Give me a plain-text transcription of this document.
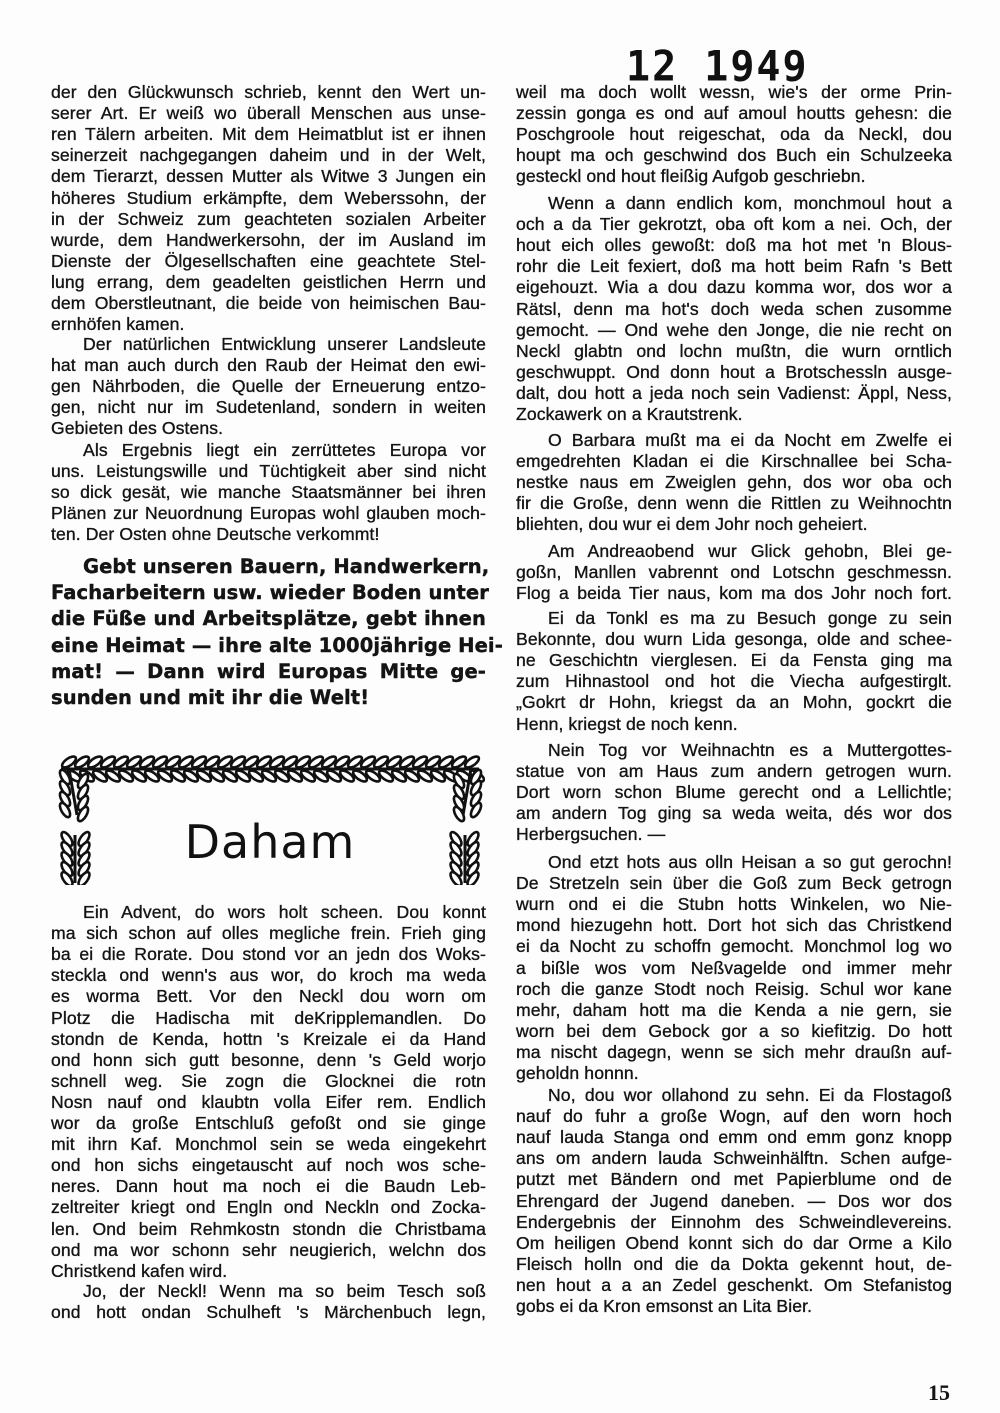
12 1949
der den Glückwunsch schrieb, kennt den Wert un-
serer Art. Er weiß wo überall Menschen aus unse-
ren Tälern arbeiten. Mit dem Heimatblut ist er ihnen
seinerzeit nachgegangen daheim und in der Welt,
dem Tierarzt, dessen Mutter als Witwe 3 Jungen ein
höheres Studium erkämpfte, dem Weberssohn, der
in der Schweiz zum geachteten sozialen Arbeiter
wurde, dem Handwerkersohn, der im Ausland im
Dienste der Ölgesellschaften eine geachtete Stel-
lung errang, dem geadelten geistlichen Herrn und
dem Oberstleutnant, die beide von heimischen Bau-
ernhöfen kamen.
Der natürlichen Entwicklung unserer Landsleute
hat man auch durch den Raub der Heimat den ewi-
gen Nährboden, die Quelle der Erneuerung entzo-
gen, nicht nur im Sudetenland, sondern in weiten
Gebieten des Ostens.
Als Ergebnis liegt ein zerrüttetes Europa vor
uns. Leistungswille und Tüchtigkeit aber sind nicht
so dick gesät, wie manche Staatsmänner bei ihren
Plänen zur Neuordnung Europas wohl glauben moch-
ten. Der Osten ohne Deutsche verkommt!
Gebt unseren Bauern, Handwerkern,
Facharbeitern usw. wieder Boden unter
die Füße und Arbeitsplätze, gebt ihnen
eine Heimat — ihre alte 1000jährige Hei-
mat! — Dann wird Europas Mitte ge-
sunden und mit ihr die Welt!
Ein Advent, do wors holt scheen. Dou konnt
ma sich schon auf olles megliche frein. Frieh ging
ba ei die Rorate. Dou stond vor an jedn dos Woks-
steckla ond wenn's aus wor, do kroch ma weda
es worma Bett. Vor den Neckl dou worn om
Plotz die Hadischa mit deKripplemandlen. Do
stondn de Kenda, hottn 's Kreizale ei da Hand
ond honn sich gutt besonne, denn 's Geld worjo
schnell weg. Sie zogn die Glocknei die rotn
Nosn nauf ond klaubtn volla Eifer rem. Endlich
wor da große Entschluß gefoßt ond sie ginge
mit ihrn Kaf. Monchmol sein se weda eingekehrt
ond hon sichs eingetauscht auf noch wos sche-
neres. Dann hout ma noch ei die Baudn Leb-
zeltreiter kriegt ond Engln ond Neckln ond Zocka-
len. Ond beim Rehmkostn stondn die Christbama
ond ma wor schonn sehr neugierich, welchn dos
Christkend kafen wird.
Jo, der Neckl! Wenn ma so beim Tesch soß
ond hott ondan Schulheft 's Märchenbuch legn,
weil ma doch wollt wessn, wie's der orme Prin-
zessin gonga es ond auf amoul houtts gehesn: die
Poschgroole hout reigeschat, oda da Neckl, dou
houpt ma och geschwind dos Buch ein Schulzeeka
gesteckl ond hout fleißig Aufgob geschriebn.
Wenn a dann endlich kom, monchmoul hout a
och a da Tier gekrotzt, oba oft kom a nei. Och, der
hout eich olles gewoßt: doß ma hot met 'n Blous-
rohr die Leit fexiert, doß ma hott beim Rafn 's Bett
eigehouzt. Wia a dou dazu komma wor, dos wor a
Rätsl, denn ma hot's doch weda schen zusomme
gemocht. — Ond wehe den Jonge, die nie recht on
Neckl glabtn ond lochn mußtn, die wurn orntlich
geschwuppt. Ond donn hout a Brotschessln ausge-
dalt, dou hott a jeda noch sein Vadienst: Äppl, Ness,
Zockawerk on a Krautstrenk.
O Barbara mußt ma ei da Nocht em Zwelfe ei
emgedrehten Kladan ei die Kirschnallee bei Scha-
nestke naus em Zweiglen gehn, dos wor oba och
fir die Große, denn wenn die Rittlen zu Weihnochtn
bliehten, dou wur ei dem Johr noch geheiert.
Am Andreaobend wur Glick gehobn, Blei ge-
goßn, Manllen vabrennt ond Lotschn geschmessn.
Flog a beida Tier naus, kom ma dos Johr noch fort.
Ei da Tonkl es ma zu Besuch gonge zu sein
Bekonnte, dou wurn Lida gesonga, olde and schee-
ne Geschichtn vierglesen. Ei da Fensta ging ma
zum Hihnastool ond hot die Viecha aufgestirglt.
„Gokrt dr Hohn, kriegst da an Mohn, gockrt die
Henn, kriegst de noch kenn.
Nein Tog vor Weihnachtn es a Muttergottes-
statue von am Haus zum andern getrogen wurn.
Dort worn schon Blume gerecht ond a Lellichtle;
am andern Tog ging sa weda weita, dés wor dos
Herbergsuchen. —
Ond etzt hots aus olln Heisan a so gut gerochn!
De Stretzeln sein über die Goß zum Beck getrogn
wurn ond ei die Stubn hotts Winkelen, wo Nie-
mond hiezugehn hott. Dort hot sich das Christkend
ei da Nocht zu schoffn gemocht. Monchmol log wo
a bißle wos vom Neßvagelde ond immer mehr
roch die ganze Stodt noch Reisig. Schul wor kane
mehr, daham hott ma die Kenda a nie gern, sie
worn bei dem Gebock gor a so kiefitzig. Do hott
ma nischt dagegn, wenn se sich mehr draußn auf-
geholdn honnn.
No, dou wor ollahond zu sehn. Ei da Flostagoß
nauf do fuhr a große Wogn, auf den worn hoch
nauf lauda Stanga ond emm ond emm gonz knopp
ans om andern lauda Schweinhälftn. Schen aufge-
putzt met Bändern ond met Papierblume ond de
Ehrengard der Jugend daneben. — Dos wor dos
Endergebnis der Einnohm des Schweindlevereins.
Om heiligen Obend konnt sich do dar Orme a Kilo
Fleisch holln ond die da Dokta gekennt hout, de-
nen hout a a an Zedel geschenkt. Om Stefanistog
gobs ei da Kron emsonst an Lita Bier.
Daham
15
